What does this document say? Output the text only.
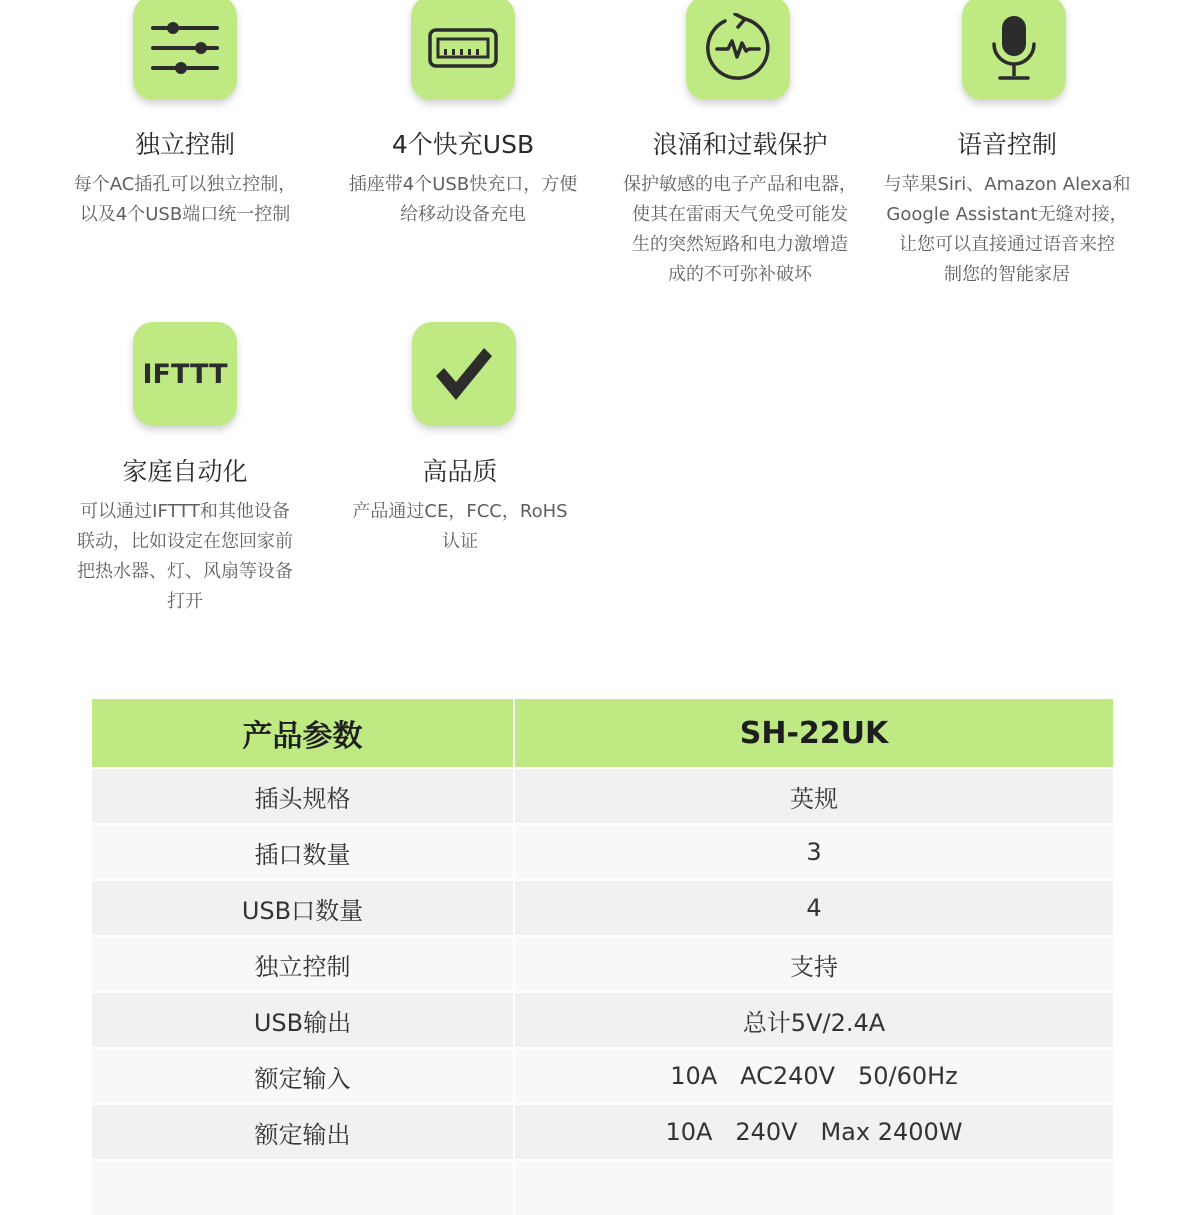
独立控制

每个AC插孔可以独立控制，
以及4个USB端口统一控制

4个快充USB

插座带4个USB快充口，方便
给移动设备充电

浪涌和过载保护

保护敏感的电子产品和电器，
使其在雷雨天气免受可能发
生的突然短路和电力激增造
成的不可弥补破坏

语音控制

与苹果Siri、Amazon Alexa和
Google Assistant无缝对接，
让您可以直接通过语音来控
制您的智能家居

IFTTT
家庭自动化

可以通过IFTTT和其他设备
联动，比如设定在您回家前
把热水器、灯、风扇等设备
打开

高品质

产品通过CE，FCC，RoHS
认证

产品参数	SH-22UK
插头规格	英规
插口数量	3
USB口数量	4
独立控制	支持
USB输出	总计5V/2.4A
额定输入	10A   AC240V   50/60Hz
额定输出	10A   240V   Max 2400W
